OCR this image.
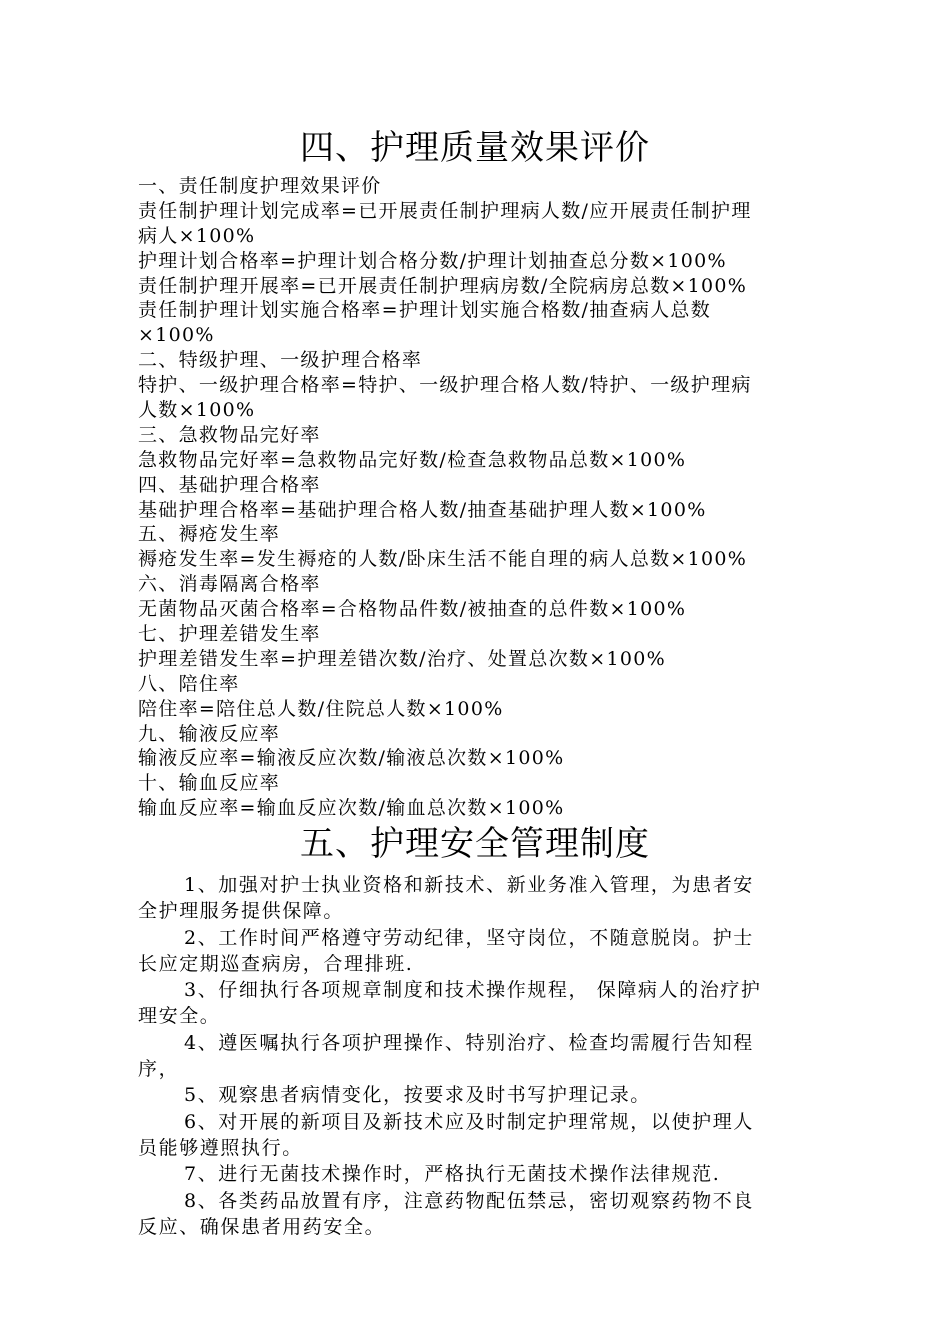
四、护理质量效果评价
一、责任制度护理效果评价
责任制护理计划完成率=已开展责任制护理病人数/应开展责任制护理
病人×100%
护理计划合格率=护理计划合格分数/护理计划抽查总分数×100%
责任制护理开展率=已开展责任制护理病房数/全院病房总数×100%
责任制护理计划实施合格率=护理计划实施合格数/抽查病人总数
×100%
二、特级护理、一级护理合格率
特护、一级护理合格率=特护、一级护理合格人数/特护、一级护理病
人数×100%
三、急救物品完好率
急救物品完好率=急救物品完好数/检查急救物品总数×100%
四、基础护理合格率
基础护理合格率=基础护理合格人数/抽查基础护理人数×100%
五、褥疮发生率
褥疮发生率=发生褥疮的人数/卧床生活不能自理的病人总数×100%
六、消毒隔离合格率
无菌物品灭菌合格率=合格物品件数/被抽查的总件数×100%
七、护理差错发生率
护理差错发生率=护理差错次数/治疗、处置总次数×100%
八、陪住率
陪住率=陪住总人数/住院总人数×100%
九、输液反应率
输液反应率=输液反应次数/输液总次数×100%
十、输血反应率
输血反应率=输血反应次数/输血总次数×100%
五、护理安全管理制度
1、加强对护士执业资格和新技术、新业务准入管理，为患者安
全护理服务提供保障。
2、工作时间严格遵守劳动纪律，坚守岗位，不随意脱岗。护士
长应定期巡查病房，合理排班.
3、仔细执行各项规章制度和技术操作规程， 保障病人的治疗护
理安全。
4、遵医嘱执行各项护理操作、特别治疗、检查均需履行告知程
序，
5、观察患者病情变化，按要求及时书写护理记录。
6、对开展的新项目及新技术应及时制定护理常规，以使护理人
员能够遵照执行。
7、进行无菌技术操作时，严格执行无菌技术操作法律规范.
8、各类药品放置有序，注意药物配伍禁忌，密切观察药物不良
反应、确保患者用药安全。
